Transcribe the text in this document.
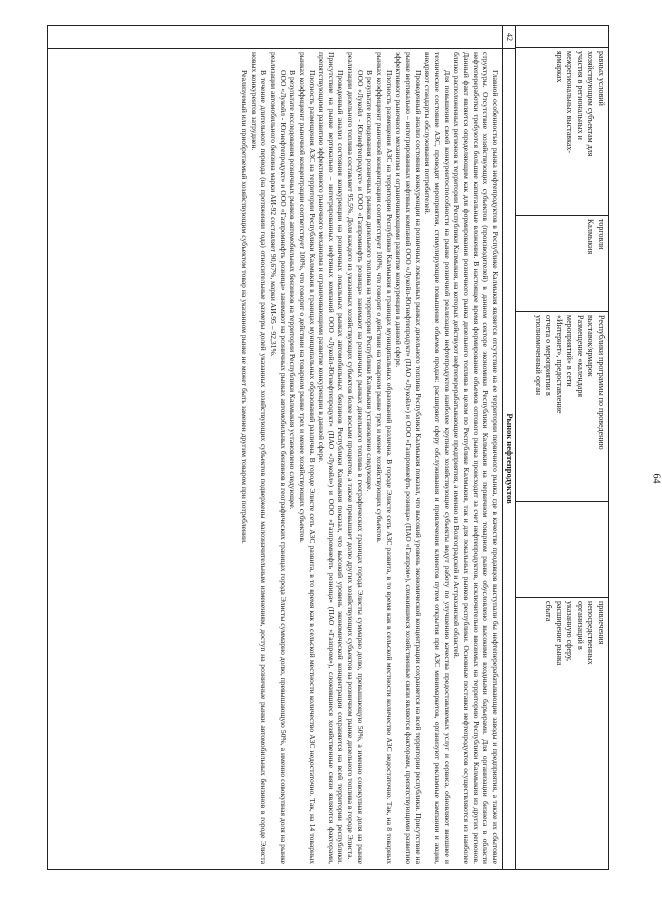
равных условий
хозяйствующим субъектам для
участия в региональных и
межрегиональных выставках-
ярмарках
торговли
Калмыкия
Республики программы по проведению
выставок/ярмарок
Размещение «календаря
мероприятий» в сети
«Интернет», предоставление
отчета о мероприятии в
уполномоченный орган
привлечения
непосредственных
организаций в
указанную сферу,
расширение рынка
сбыта
42
Рынок нефтепродуктов

Главной особенностью рынка нефтепродуктов в Республике Калмыкия является отсутствие на ее территории первичного рынка, где в качестве продавцов выступали бы нефтеперерабатывающие заводы и предприятия, а также их сбытовые структуры. Отсутствие хозяйствующих субъектов (производителей) в данном секторе экономики Республики Калмыкия на первичном товарном рынке обусловлено высокими входными барьерами. Для организации бизнеса в области нефтепереработки требуются большие капитальные вложения. В настоящее время формирование объемов оптового рынка происходит за счет нефтепродуктов, исключительно ввозимых на территорию Республики Калмыкия из других регионов. Данный факт является определяющим как для формирования розничного рынка дизельного топлива в целом по Республике Калмыкия, так и для локальных рынков республики. Основные поставки нефтепродуктов осуществляются из наиболее близко расположенных регионов к территории Республики Калмыкия, на которых действуют нефтеперерабатывающие предприятия, а именно из Волгоградской и Астраханской областей.

Для повышения своей конкурентоспособности на рынке розничной реализации нефтепродуктов наиболее крупные хозяйствующие субъекты ведут работу по улучшению качества предоставляемых услуг и сервиса, обновляют внешнее и техническое состояние АЗС, проводят мероприятия, стимулирующие повышение объемов продаж: расширяют сферу обслуживания и привлечения клиентов путем открытия при АЗС минимаркетов, организуют рекламные кампании и акции, внедряют стандарты обслуживания потребителей.

Проведенный анализ состояния конкуренции на розничных локальных рынках дизельного топлива Республики Калмыкия показал, что высокий уровень экономической концентрации сохраняется на всей территории республики. Присутствие на рынке вертикально – интегрированных нефтяных компаний ООО «Лукойл-Югнефтепродукт» (ПАО «Лукойл») и ООО «Газпромнефть розница» (ПАО «Газпром»), сложившиеся хозяйственные связи являются факторами, препятствующими развитию эффективного рыночного механизма и ограничивающими развитие конкуренции в данной сфере.

Плотность размещения АЗС на территории Республики Калмыкия в границах муниципальных образований различна. В городе Элисте сеть АЗС развита, в то время как в сельской местности количество АЗС недостаточно. Так, на 8 товарных рынках коэффициент рыночной концентрации соответствует 100%, что говорит о действии на товарном рынке трех и менее хозяйствующих субъектов.

В результате исследования розничных рынков дизельного топлива на территории Республики Калмыкия установлено следующее.

ООО «Лукойл - Югнефтепродукт» и ООО «Газпромнефть розница» занимают на розничных рынках дизельного топлива в географических границах города Элисты суммарно долю, превышающую 50%, а именно совокупная доля на рынке реализации дизельного топлива составляет 95,5%. Доля каждого из указанных хозяйствующих субъектов более восьми процентов, а также превышает долю других хозяйствующих субъектов на розничном рынке дизельного топлива в городе Элиста.

Проведенный анализ состояния конкуренции на розничных локальных рынках автомобильных бензинов Республики Калмыкия показал, что высокий уровень экономической концентрации сохраняется на всей территории республики. Присутствие на рынке вертикально – интегрированных нефтяных компаний ООО «Лукойл-Югнефтепродукт» (ПАО «Лукойл») и ООО «Газпромнефть розница» (ПАО «Газпром»), сложившиеся хозяйственные связи являются факторами, препятствующими развитию эффективного рыночного механизма и ограничивающими развитие конкуренции в данной сфере.

Плотность размещения АЗС на территории Республики Калмыкия в границах муниципальных образований различна. В городе Элисте сеть АЗС развита, в то время как в сельской местности количество АЗС недостаточно. Так, на 14 товарных рынках коэффициент рыночной концентрации соответствует 100%, что говорит о действии на товарном рынке трех и менее хозяйствующих субъектов.

В результате исследования розничных рынков автомобильных бензинов на территории Республики Калмыкия установлено следующее.

ООО «Лукойл - Югнефтепродукт» и ООО «Газпромнефть розница» занимают на розничных рынках автомобильных бензинов в географических границах города Элисты суммарно долю, превышающую 50%, а именно совокупная доля на рынке реализации автомобильного бензина марки АИ-92 составляет 90,67%, марки АИ-95 – 92,31%.

В течение длительного периода (на протяжении года) относительные размеры долей указанных хозяйствующих субъектов подвержены малозначительным изменениям, доступ на розничные рынки автомобильных бензинов в городе Элиста новых конкурентов затруднен.

Реализуемый или приобретаемый хозяйствующим субъектом товар на указанном рынке не может быть заменен другим товаром при потреблении.	64
